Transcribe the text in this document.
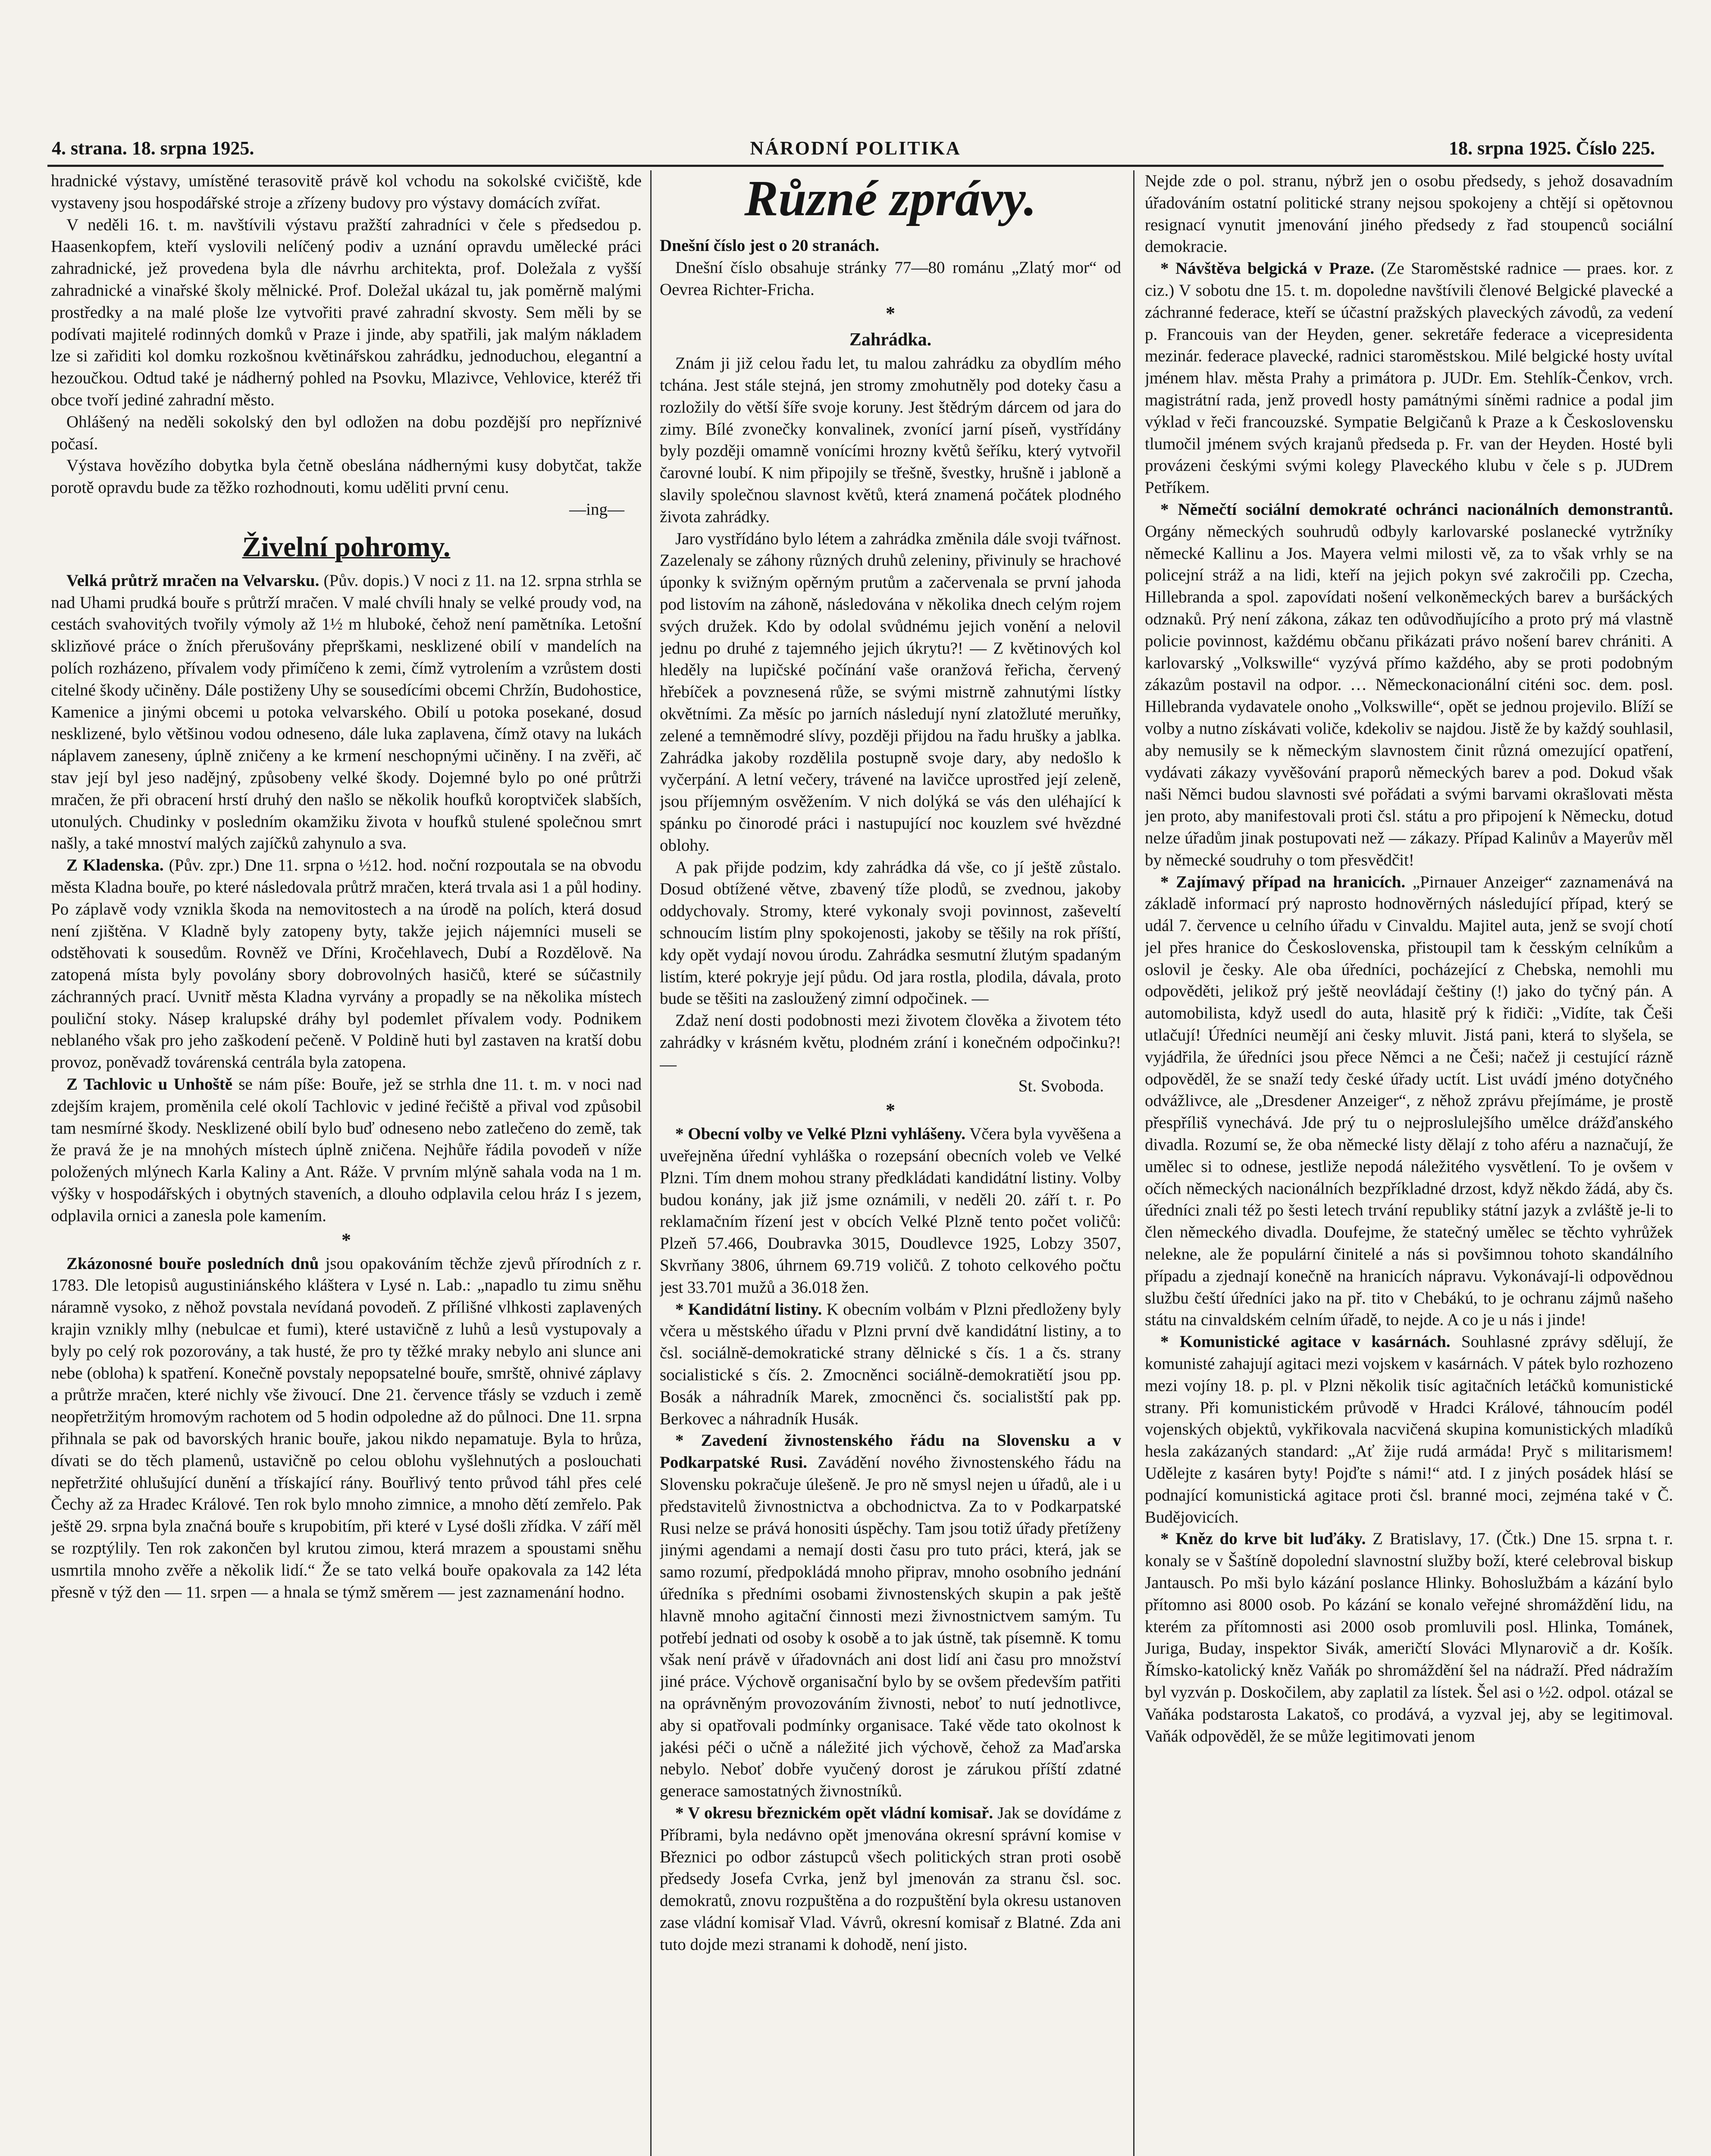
4. strana. 18. srpna 1925.	NÁRODNÍ POLITIKA	18. srpna 1925. Číslo 225.

hradnické výstavy, umístěné terasovitě právě kol vchodu na sokolské cvičiště, kde vystaveny jsou hospodářské stroje a zřízeny budovy pro výstavy domácích zvířat.

V neděli 16. t. m. navštívili výstavu pražští zahradníci v čele s předsedou p. Haasenkopfem, kteří vyslovili nelíčený podiv a uznání opravdu umělecké práci zahradnické, jež provedena byla dle návrhu architekta, prof. Doležala z vyšší zahradnické a vinařské školy mělnické. Prof. Doležal ukázal tu, jak poměrně malými prostředky a na malé ploše lze vytvořiti pravé zahradní skvosty. Sem měli by se podívati majitelé rodinných domků v Praze i jinde, aby spatřili, jak malým nákladem lze si zařiditi kol domku rozkošnou květinářskou zahrádku, jednoduchou, elegantní a hezoučkou. Odtud také je nádherný pohled na Psovku, Mlazivce, Vehlovice, kteréž tři obce tvoří jediné zahradní město.

Ohlášený na neděli sokolský den byl odložen na dobu pozdější pro nepříznivé počasí.

Výstava hovězího dobytka byla četně obeslána nádhernými kusy dobytčat, takže porotě opravdu bude za těžko rozhodnouti, komu uděliti první cenu.

—ing—

Živelní pohromy.

Velká průtrž mračen na Velvarsku. (Pův. dopis.) V noci z 11. na 12. srpna strhla se nad Uhami prudká bouře s průtrží mračen. V malé chvíli hnaly se velké proudy vod, na cestách svahovitých tvořily výmoly až 1½ m hluboké, čehož není pamětníka. Letošní sklizňové práce o žních přerušovány přeprškami, nesklizené obilí v mandelích na polích rozházeno, přívalem vody přimíčeno k zemi, čímž vytrolením a vzrůstem dosti citelné škody učiněny. Dále postiženy Uhy se sousedícími obcemi Chržín, Budohostice, Kamenice a jinými obcemi u potoka velvarského. Obilí u potoka posekané, dosud nesklizené, bylo většinou vodou odneseno, dále luka zaplavena, čímž otavy na lukách náplavem zaneseny, úplně zničeny a ke krmení neschopnými učiněny. I na zvěři, ač stav její byl jeso nadějný, způsobeny velké škody. Dojemné bylo po oné průtrži mračen, že při obracení hrstí druhý den našlo se několik houfků koroptviček slabších, utonulých. Chudinky v posledním okamžiku života v houfků stulené společnou smrt našly, a také mnoství malých zajíčků zahynulo a sva.

Z Kladenska. (Pův. zpr.) Dne 11. srpna o ½12. hod. noční rozpoutala se na obvodu města Kladna bouře, po které následovala průtrž mračen, která trvala asi 1 a půl hodiny. Po záplavě vody vznikla škoda na nemovitostech a na úrodě na polích, která dosud není zjištěna. V Kladně byly zatopeny byty, takže jejich nájemníci museli se odstěhovati k sousedům. Rovněž ve Dříni, Kročehlavech, Dubí a Rozdělově. Na zatopená místa byly povolány sbory dobrovolných hasičů, které se súčastnily záchranných prací. Uvnitř města Kladna vyrvány a propadly se na několika místech pouliční stoky. Násep kralupské dráhy byl podemlet přívalem vody. Podnikem neblaného však pro jeho zaškodení pečeně. V Poldině huti byl zastaven na kratší dobu provoz, poněvadž továrenská centrála byla zatopena.

Z Tachlovic u Unhoště se nám píše: Bouře, jež se strhla dne 11. t. m. v noci nad zdejším krajem, proměnila celé okolí Tachlovic v jediné řečiště a přival vod způsobil tam nesmírné škody. Nesklizené obilí bylo buď odneseno nebo zatlečeno do země, tak že pravá že je na mnohých místech úplně zničena. Nejhůře řádila povodeň v níže položených mlýnech Karla Kaliny a Ant. Ráže. V prvním mlýně sahala voda na 1 m. výšky v hospodářských i obytných staveních, a dlouho odplavila celou hráz I s jezem, odplavila ornici a zanesla pole kamením.

*

Zkázonosné bouře posledních dnů jsou opakováním těchže zjevů přírodních z r. 1783. Dle letopisů augustiniánského kláštera v Lysé n. Lab.: „napadlo tu zimu sněhu náramně vysoko, z něhož povstala nevídaná povodeň. Z přílišné vlhkosti zaplavených krajin vznikly mlhy (nebulcae et fumi), které ustavičně z luhů a lesů vystupovaly a byly po celý rok pozorovány, a tak husté, že pro ty těžké mraky nebylo ani slunce ani nebe (obloha) k spatření. Konečně povstaly nepopsatelné bouře, smrště, ohnivé záplavy a průtrže mračen, které nichly vše živoucí. Dne 21. července třásly se vzduch i země neopřetržitým hromovým rachotem od 5 hodin odpoledne až do půlnoci. Dne 11. srpna přihnala se pak od bavorských hranic bouře, jakou nikdo nepamatuje. Byla to hrůza, dívati se do těch plamenů, ustavičně po celou oblohu vyšlehnutých a poslouchati nepřetržité ohlušující dunění a třískající rány. Bouřlivý tento průvod táhl přes celé Čechy až za Hradec Králové. Ten rok bylo mnoho zimnice, a mnoho dětí zemřelo. Pak ještě 29. srpna byla značná bouře s krupobitím, při které v Lysé došli zřídka. V září měl se rozptýlily. Ten rok zakončen byl krutou zimou, která mrazem a spoustami sněhu usmrtila mnoho zvěře a několik lidí.“ Že se tato velká bouře opakovala za 142 léta přesně v týž den — 11. srpen — a hnala se týmž směrem — jest zaznamenání hodno.

Různé zprávy.

Dnešní číslo jest o 20 stranách.

Dnešní číslo obsahuje stránky 77—80 románu „Zlatý mor“ od Oevrea Richter-Fricha.

*
Zahrádka.

Znám ji již celou řadu let, tu malou zahrádku za obydlím mého tchána. Jest stále stejná, jen stromy zmohutněly pod doteky času a rozložily do větší šíře svoje koruny. Jest štědrým dárcem od jara do zimy. Bílé zvonečky konvalinek, zvonící jarní píseň, vystřídány byly později omamně vonícími hrozny květů šeříku, který vytvořil čarovné loubí. K nim připojily se třešně, švestky, hrušně i jabloně a slavily společnou slavnost květů, která znamená počátek plodného života zahrádky.

Jaro vystřídáno bylo létem a zahrádka změnila dále svoji tvářnost. Zazelenaly se záhony různých druhů zeleniny, přivinuly se hrachové úponky k svižným opěrným prutům a začervenala se první jahoda pod listovím na záhoně, následována v několika dnech celým rojem svých družek. Kdo by odolal svůdnému jejich vonění a nelovil jednu po druhé z tajemného jejich úkrytu?! — Z květinových kol hleděly na lupičské počínání vaše oranžová řeřicha, červený hřebíček a povznesená růže, se svými mistrně zahnutými lístky okvětními. Za měsíc po jarních následují nyní zlatožluté meruňky, zelené a temněmodré slívy, později přijdou na řadu hrušky a jablka. Zahrádka jakoby rozdělila postupně svoje dary, aby nedošlo k vyčerpání. A letní večery, trávené na lavičce uprostřed její zeleně, jsou příjemným osvěžením. V nich dolýká se vás den uléhající k spánku po činorodé práci i nastupující noc kouzlem své hvězdné oblohy.

A pak přijde podzim, kdy zahrádka dá vše, co jí ještě zůstalo. Dosud obtížené větve, zbavený tíže plodů, se zvednou, jakoby oddychovaly. Stromy, které vykonaly svoji povinnost, zaševeltí schnoucím listím plny spokojenosti, jakoby se těšily na rok příští, kdy opět vydají novou úrodu. Zahrádka sesmutní žlutým spadaným listím, které pokryje její půdu. Od jara rostla, plodila, dávala, proto bude se těšiti na zasloužený zimní odpočinek. —

Zdaž není dosti podobnosti mezi životem člověka a životem této zahrádky v krásném květu, plodném zrání i konečném odpočinku?! —

St. Svoboda.

*

* Obecní volby ve Velké Plzni vyhlášeny. Včera byla vyvěšena a uveřejněna úřední vyhláška o rozepsání obecních voleb ve Velké Plzni. Tím dnem mohou strany předkládati kandidátní listiny. Volby budou konány, jak již jsme oznámili, v neděli 20. září t. r. Po reklamačním řízení jest v obcích Velké Plzně tento počet voličů: Plzeň 57.466, Doubravka 3015, Doudlevce 1925, Lobzy 3507, Skvrňany 3806, úhrnem 69.719 voličů. Z tohoto celkového počtu jest 33.701 mužů a 36.018 žen.

* Kandidátní listiny. K obecním volbám v Plzni předloženy byly včera u městského úřadu v Plzni první dvě kandidátní listiny, a to čsl. sociálně-demokratické strany dělnické s čís. 1 a čs. strany socialistické s čís. 2. Zmocněnci sociálně-demokratiětí jsou pp. Bosák a náhradník Marek, zmocněnci čs. socialistští pak pp. Berkovec a náhradník Husák.

* Zavedení živnostenského řádu na Slovensku a v Podkarpatské Rusi. Zavádění nového živnostenského řádu na Slovensku pokračuje úlešeně. Je pro ně smysl nejen u úřadů, ale i u představitelů živnostnictva a obchodnictva. Za to v Podkarpatské Rusi nelze se prává honositi úspěchy. Tam jsou totiž úřady přetíženy jinými agendami a nemají dosti času pro tuto práci, která, jak se samo rozumí, předpokládá mnoho připrav, mnoho osobního jednání úředníka s předními osobami živnostenských skupin a pak ještě hlavně mnoho agitační činnosti mezi živnostnictvem samým. Tu potřebí jednati od osoby k osobě a to jak ústně, tak písemně. K tomu však není právě v úřadovnách ani dost lidí ani času pro množství jiné práce. Výchově organisační bylo by se ovšem především patřiti na oprávněným provozováním živnosti, neboť to nutí jednotlivce, aby si opatřovali podmínky organisace. Také věde tato okolnost k jakési péči o učně a náležité jich výchově, čehož za Maďarska nebylo. Neboť dobře vyučený dorost je zárukou příští zdatné generace samostatných živnostníků.

* V okresu březnickém opět vládní komisař. Jak se dovídáme z Příbrami, byla nedávno opět jmenována okresní správní komise v Březnici po odbor zástupců všech politických stran proti osobě předsedy Josefa Cvrka, jenž byl jmenován za stranu čsl. soc. demokratů, znovu rozpuštěna a do rozpuštění byla okresu ustanoven zase vládní komisař Vlad. Vávrů, okresní komisař z Blatné. Zda ani tuto dojde mezi stranami k dohodě, není jisto.

Nejde zde o pol. stranu, nýbrž jen o osobu předsedy, s jehož dosavadním úřadováním ostatní politické strany nejsou spokojeny a chtějí si opětovnou resignací vynutit jmenování jiného předsedy z řad stoupenců sociální demokracie.

* Návštěva belgická v Praze. (Ze Staroměstské radnice — praes. kor. z ciz.) V sobotu dne 15. t. m. dopoledne navštívili členové Belgické plavecké a záchranné federace, kteří se účastní pražských plaveckých závodů, za vedení p. Francouis van der Heyden, gener. sekretáře federace a vicepresidenta mezinár. federace plavecké, radnici staroměstskou. Milé belgické hosty uvítal jménem hlav. města Prahy a primátora p. JUDr. Em. Stehlík-Čenkov, vrch. magistrátní rada, jenž provedl hosty památnými síněmi radnice a podal jim výklad v řeči francouzské. Sympatie Belgičanů k Praze a k Československu tlumočil jménem svých krajanů předseda p. Fr. van der Heyden. Hosté byli provázeni českými svými kolegy Plaveckého klubu v čele s p. JUDrem Petříkem.

* Němečtí sociální demokraté ochránci nacionálních demonstrantů. Orgány německých souhrudů odbyly karlovarské poslanecké vytržníky německé Kallinu a Jos. Mayera velmi milosti vě, za to však vrhly se na policejní stráž a na lidi, kteří na jejich pokyn své zakročili pp. Czecha, Hillebranda a spol. zapovídati nošení velkoněmeckých barev a buršáckých odznaků. Prý není zákona, zákaz ten odůvodňujícího a proto prý má vlastně policie povinnost, každému občanu přikázati právo nošení barev chrániti. A karlovarský „Volkswille“ vyzývá přímo každého, aby se proti podobným zákazům postavil na odpor. … Německonacionální citéni soc. dem. posl. Hillebranda vydavatele onoho „Volkswille“, opět se jednou projevilo. Blíží se volby a nutno získávati voliče, kdekoliv se najdou. Jistě že by každý souhlasil, aby nemusily se k německým slavnostem činit různá omezující opatření, vydávati zákazy vyvěšování praporů německých barev a pod. Dokud však naši Němci budou slavnosti své pořádati a svými barvami okrašlovati města jen proto, aby manifestovali proti čsl. státu a pro připojení k Německu, dotud nelze úřadům jinak postupovati než — zákazy. Případ Kalinův a Mayerův měl by německé soudruhy o tom přesvědčit!

* Zajímavý případ na hranicích. „Pirnauer Anzeiger“ zaznamenává na základě informací prý naprosto hodnověrných následující případ, který se udál 7. července u celního úřadu v Cinvaldu. Majitel auta, jenž se svojí chotí jel přes hranice do Československa, přistoupil tam k česským celníkům a oslovil je česky. Ale oba úředníci, pocházející z Chebska, nemohli mu odpověděti, jelikož prý ještě neovládají češtiny (!) jako do tyčný pán. A automobilista, když usedl do auta, hlasitě prý k řidiči: „Vidíte, tak Češi utlačují! Úředníci neumějí ani česky mluvit. Jistá pani, která to slyšela, se vyjádřila, že úředníci jsou přece Němci a ne Češi; načež ji cestující rázně odpověděl, že se snaží tedy české úřady uctít. List uvádí jméno dotyčného odvážlivce, ale „Dresdener Anzeiger“, z něhož zprávu přejímáme, je prostě přespříliš vynechává. Jde prý tu o nejproslulejšího umělce drážďanského divadla. Rozumí se, že oba německé listy dělají z toho aféru a naznačují, že umělec si to odnese, jestliže nepodá náležitého vysvětlení. To je ovšem v očích německých nacionálních bezpříkladné drzost, když někdo žádá, aby čs. úředníci znali též po šesti letech trvání republiky státní jazyk a zvláště je-li to člen německého divadla. Doufejme, že statečný umělec se těchto vyhrůžek nelekne, ale že populární činitelé a nás si povšimnou tohoto skandálního případu a zjednají konečně na hranicích nápravu. Vykonávají-li odpovědnou službu čeští úředníci jako na př. tito v Chebákú, to je ochranu zájmů našeho státu na cinvaldském celním úřadě, to nejde. A co je u nás i jinde!

* Komunistické agitace v kasárnách. Souhlasné zprávy sdělují, že komunisté zahajují agitaci mezi vojskem v kasárnách. V pátek bylo rozhozeno mezi vojíny 18. p. pl. v Plzni několik tisíc agitačních letáčků komunistické strany. Při komunistickém průvodě v Hradci Králové, táhnoucím podél vojenských objektů, vykřikovala nacvičená skupina komunistických mladíků hesla zakázaných standard: „Ať žije rudá armáda! Pryč s militarismem! Udělejte z kasáren byty! Pojďte s námi!“ atd. I z jiných posádek hlásí se podnající komunistická agitace proti čsl. branné moci, zejména také v Č. Budějovicích.

* Kněz do krve bit luďáky. Z Bratislavy, 17. (Čtk.) Dne 15. srpna t. r. konaly se v Šaštíně dopolední slavnostní služby boží, které celebroval biskup Jantausch. Po mši bylo kázání poslance Hlinky. Bohoslužbám a kázání bylo přítomno asi 8000 osob. Po kázání se konalo veřejné shromáždění lidu, na kterém za přítomnosti asi 2000 osob promluvili posl. Hlinka, Tománek, Juriga, Buday, inspektor Sivák, američtí Slováci Mlynarovič a dr. Košík. Římsko-katolický kněz Vaňák po shromáždění šel na nádraží. Před nádražím byl vyzván p. Doskočilem, aby zaplatil za lístek. Šel asi o ½2. odpol. otázal se Vaňáka podstarosta Lakatoš, co prodává, a vyzval jej, aby se legitimoval. Vaňák odpověděl, že se může legitimovati jenom
